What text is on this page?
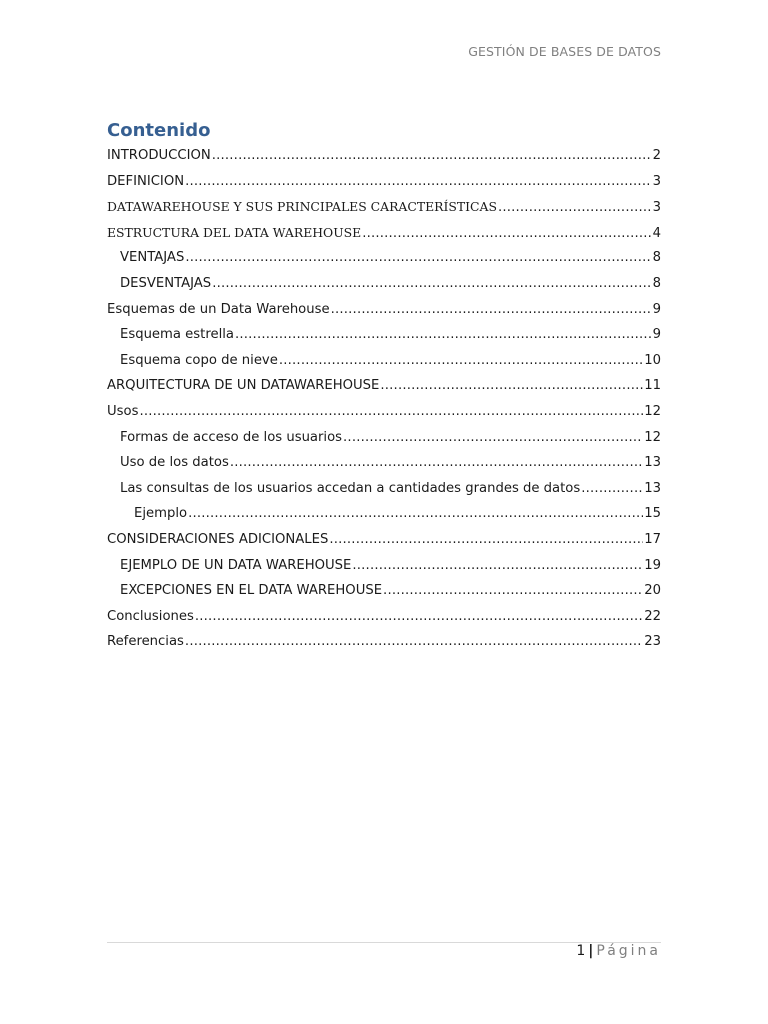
GESTIÓN DE BASES DE DATOS
Contenido
INTRODUCCION .....	2
DEFINICION .....	3
DATAWAREHOUSE Y SUS PRINCIPALES CARACTERÍSTICAS .....	3
ESTRUCTURA DEL DATA WAREHOUSE .....	4
VENTAJAS .....	8
DESVENTAJAS .....	8
Esquemas de un Data Warehouse .....	9
Esquema estrella .....	9
Esquema copo de nieve .....	10
ARQUITECTURA DE UN DATAWAREHOUSE .....	11
Usos .....	12
Formas de acceso de los usuarios .....	12
Uso de los datos .....	13
Las consultas de los usuarios accedan a cantidades grandes de datos .....	13
Ejemplo .....	15
CONSIDERACIONES ADICIONALES .....	17
EJEMPLO DE UN DATA WAREHOUSE .....	19
EXCEPCIONES EN EL DATA WAREHOUSE .....	20
Conclusiones .....	22
Referencias .....	23
1 | Página
